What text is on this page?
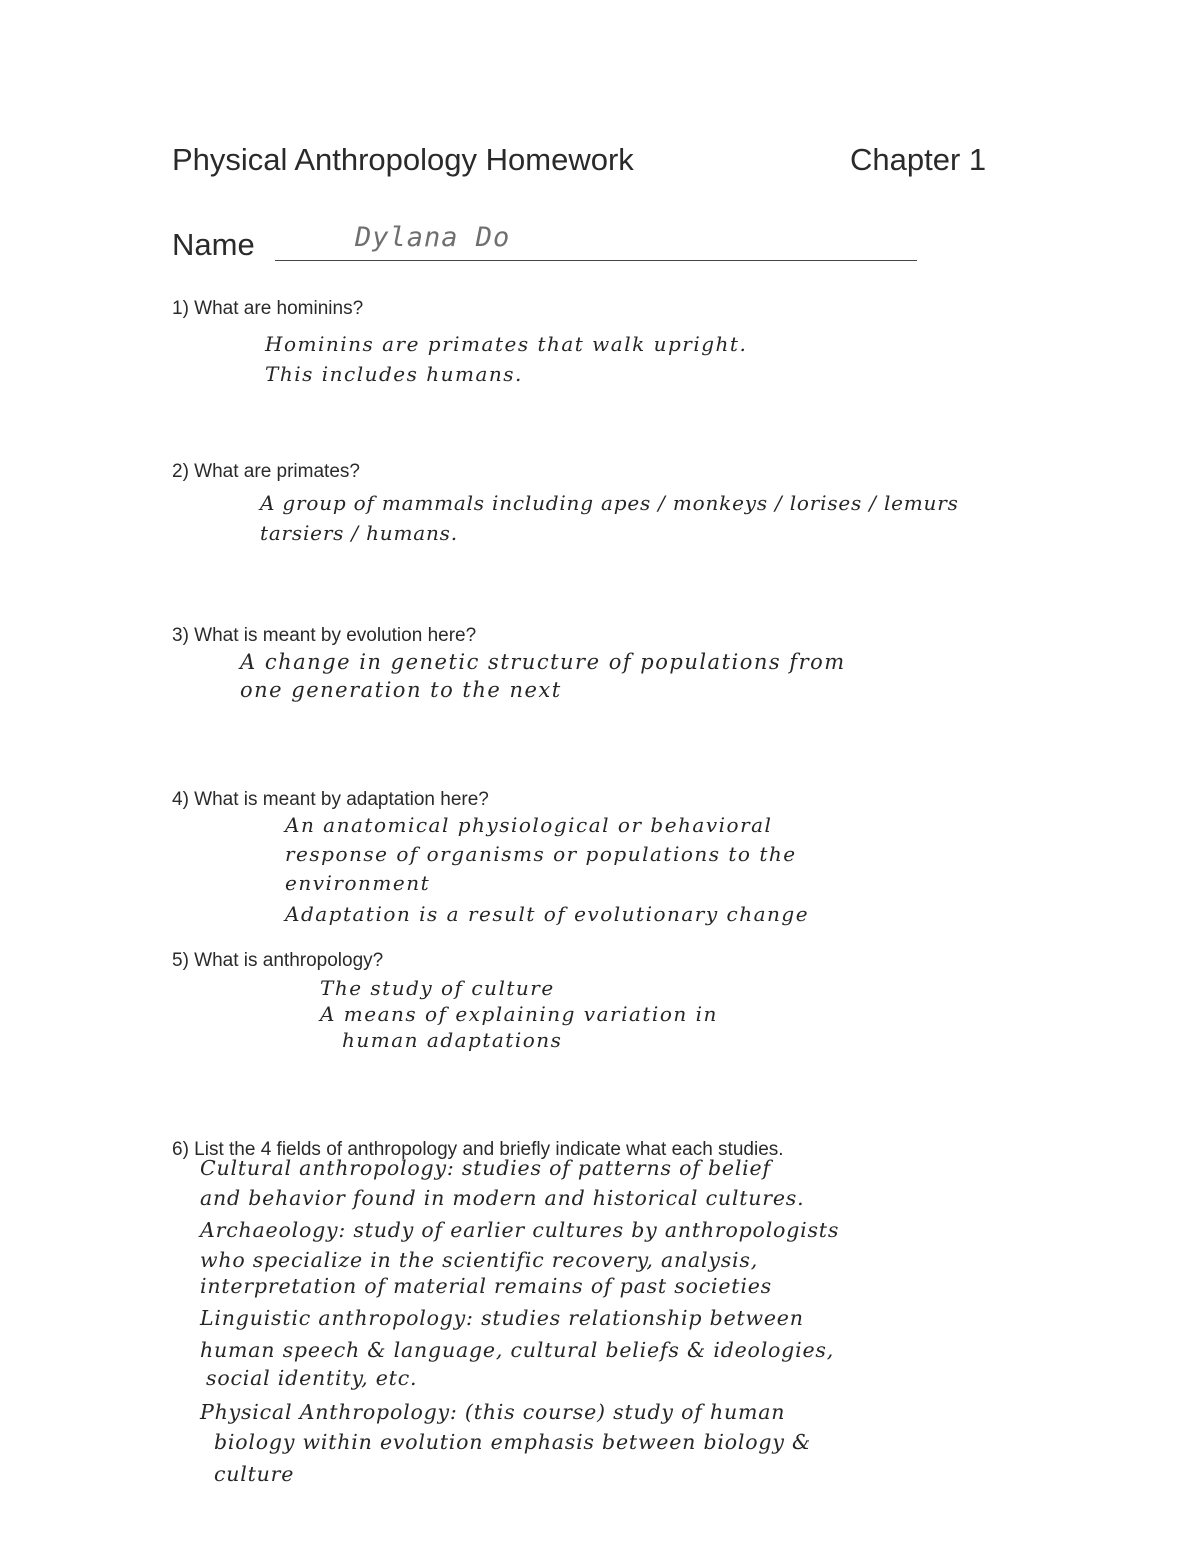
Physical Anthropology Homework	Chapter 1
Name	Dylana Do
1) What are hominins?
Hominins are primates that walk upright.
This includes humans.
2) What are primates?
A group of mammals including apes / monkeys / lorises / lemurs
tarsiers / humans.
3) What is meant by evolution here?
A change in genetic structure of populations from
one generation to the next
4) What is meant by adaptation here?
An anatomical physiological or behavioral
response of organisms or populations to the
environment
Adaptation is a result of evolutionary change
5) What is anthropology?
The study of culture
A means of explaining variation in
human adaptations
6) List the 4 fields of anthropology and briefly indicate what each studies.
Cultural anthropology: studies of patterns of belief
and behavior found in modern and historical cultures.
Archaeology: study of earlier cultures by anthropologists
who specialize in the scientific recovery, analysis,
interpretation of material remains of past societies
Linguistic anthropology: studies relationship between
human speech & language, cultural beliefs & ideologies,
social identity, etc.
Physical Anthropology: (this course) study of human
biology within evolution emphasis between biology &
culture
